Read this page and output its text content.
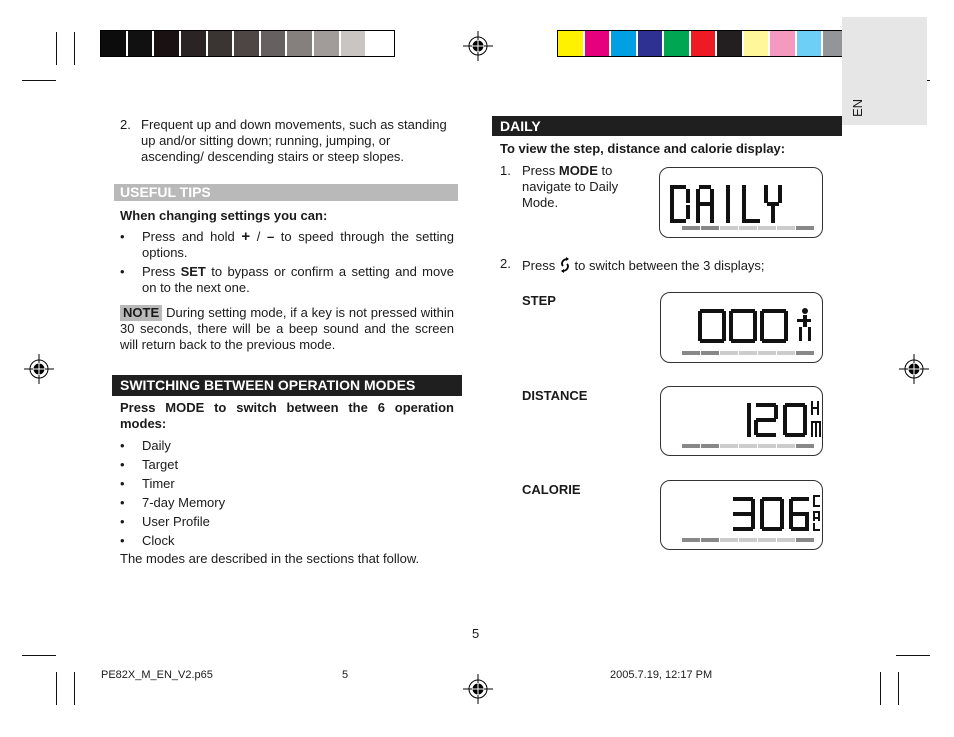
EN
2. Frequent up and down movements, such as standing up and/or sitting down; running, jumping, or ascending/ descending stairs or steep slopes.
USEFUL TIPS
When changing settings you can:
• Press and hold + / – to speed through the setting options.
• Press SET to bypass or confirm a setting and move on to the next one.
NOTE During setting mode, if a key is not pressed within 30 seconds, there will be a beep sound and the screen will return back to the previous mode.
SWITCHING BETWEEN OPERATION MODES
Press MODE to switch between the 6 operation modes:
• Daily
• Target
• Timer
• 7-day Memory
• User Profile
• Clock
The modes are described in the sections that follow.
DAILY
To view the step, distance and calorie display:
1. Press MODE to navigate to Daily Mode.
2. Press to switch between the 3 displays;
STEP
DISTANCE
CALORIE
5
PE82X_M_EN_V2.p65	5	2005.7.19, 12:17 PM
